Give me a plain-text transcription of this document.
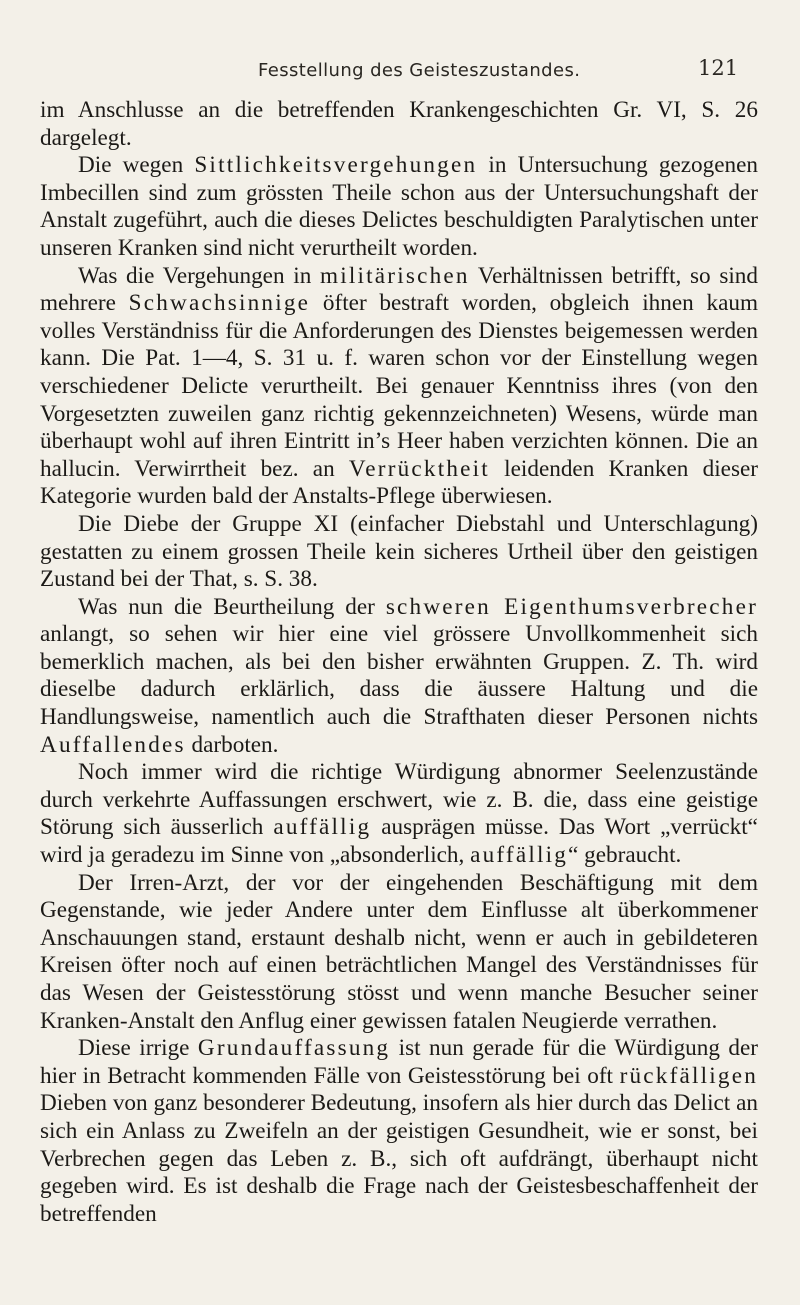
Fesstellung des Geisteszustandes.	121

im Anschlusse an die betreffenden Krankengeschichten Gr. VI, S. 26 dargelegt.

Die wegen Sittlichkeitsvergehungen in Untersuchung gezogenen Imbecillen sind zum grössten Theile schon aus der Untersuchungshaft der Anstalt zugeführt, auch die dieses Delictes beschuldigten Paralytischen unter unseren Kranken sind nicht verurtheilt worden.

Was die Vergehungen in militärischen Verhältnissen betrifft, so sind mehrere Schwachsinnige öfter bestraft worden, obgleich ihnen kaum volles Verständniss für die Anforderungen des Dienstes beigemessen werden kann. Die Pat. 1—4, S. 31 u. f. waren schon vor der Einstellung wegen verschiedener Delicte verurtheilt. Bei genauer Kenntniss ihres (von den Vorgesetzten zuweilen ganz richtig gekennzeichneten) Wesens, würde man überhaupt wohl auf ihren Eintritt in’s Heer haben verzichten können. Die an hallucin. Verwirrtheit bez. an Verrücktheit leidenden Kranken dieser Kategorie wurden bald der Anstalts-Pflege überwiesen.

Die Diebe der Gruppe XI (einfacher Diebstahl und Unterschlagung) gestatten zu einem grossen Theile kein sicheres Urtheil über den geistigen Zustand bei der That, s. S. 38.

Was nun die Beurtheilung der schweren Eigenthumsverbrecher anlangt, so sehen wir hier eine viel grössere Unvollkommenheit sich bemerklich machen, als bei den bisher erwähnten Gruppen. Z. Th. wird dieselbe dadurch erklärlich, dass die äussere Haltung und die Handlungsweise, namentlich auch die Strafthaten dieser Personen nichts Auffallendes darboten.

Noch immer wird die richtige Würdigung abnormer Seelenzustände durch verkehrte Auffassungen erschwert, wie z. B. die, dass eine geistige Störung sich äusserlich auffällig ausprägen müsse. Das Wort „verrückt“ wird ja geradezu im Sinne von „absonderlich, auffällig“ gebraucht.

Der Irren-Arzt, der vor der eingehenden Beschäftigung mit dem Gegenstande, wie jeder Andere unter dem Einflusse alt überkommener Anschauungen stand, erstaunt deshalb nicht, wenn er auch in gebildeteren Kreisen öfter noch auf einen beträchtlichen Mangel des Verständnisses für das Wesen der Geistesstörung stösst und wenn manche Besucher seiner Kranken-Anstalt den Anflug einer gewissen fatalen Neugierde verrathen.

Diese irrige Grundauffassung ist nun gerade für die Würdigung der hier in Betracht kommenden Fälle von Geistesstörung bei oft rückfälligen Dieben von ganz besonderer Bedeutung, insofern als hier durch das Delict an sich ein Anlass zu Zweifeln an der geistigen Gesundheit, wie er sonst, bei Verbrechen gegen das Leben z. B., sich oft aufdrängt, überhaupt nicht gegeben wird. Es ist deshalb die Frage nach der Geistesbeschaffenheit der betreffenden
